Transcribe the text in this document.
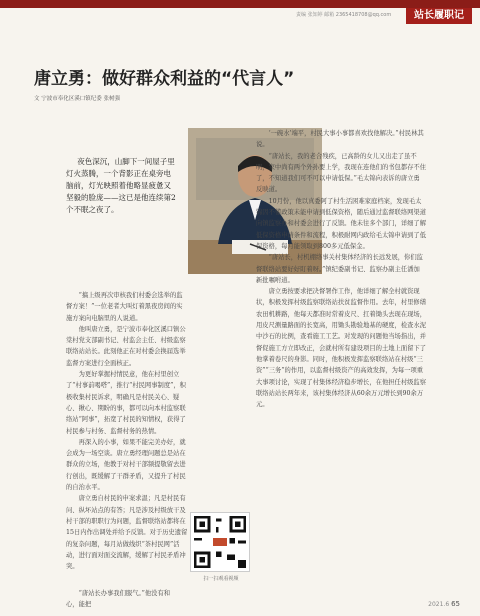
责编 张知婷 邮箱 2365418708@qq.com	站长履职记
唐立勇：做好群众利益的“代言人”
文 宁波市奉化区溪口镇纪委 张树强

夜色深沉，山脚下一间屋子里灯火蒸腾，一个背影正在桌旁电脑前，灯光映照着他略显疲惫又坚毅的脸庞——这已是他连续第2个不眠之夜了。

“搞上级再次审核我们村委会选举的监督方案！”一位老者大叫灯着黑夜房间的实施方案向电脑里的人说道。

他叫唐立勇，是宁波市奉化区溪口镇公棠村党支部副书记、村监会主任、村级监察联络站站长。此刻他正在对村委会换届选举监督方案进行全面核正。

为更好掌握村情民意，他在村里创立了“村事前喝嗒”，推行“村民网事制度”，积极收集村民诉求，明确凡是村民关心、疑心、揪心、期盼的事，都可以向本村监察联络站“阿事”，拓宽了村民的知情权，获得了村民参与村务、监督村务的热情。

再深入的小事，如果不能完美办好，就会成为一场空谈。唐立勇经理问题总是站在群众的立场，他教于对村干部频提敬留去进行创出，既缓解了干群矛盾，又提升了村民的自治水平。

唐立勇自村民的申案求温；凡是村民有问、纵坏站点的有答；凡是涉及村级放干及村干部的职职行为问题，监督联络站都将在15日内作出调处并给予反馈。对于历史遗留的复杂问题，每月站做线织“茶村民网”活动，进行面对面交流解，缓解了村民矛盾冲突。

“唐站长办事我们服气。”他没有和心，能把

‘一碗水’端平，村民大事小事都喜欢找他解决。”村民林其说。

“唐站长，我的老合残疾，已高龄的女儿又出走了虽不明，家中尚有两个外孙要上学，我现在连他们的书包都存不住了，不知道我们可不可以申请低保。”毛太锦向表诉的唐立勇反映道。

10月份，他以真委阿了村生活困难家庭档案，发现毛太锦因不懂政策未能申请到低保资格，随后通过监督联络网渠道向镇监察办和村委会进行了反馈。他未往多个部门，详细了解低保资格申请条件和流程，积极耐网内政给毛太锦申请到了低保资格，每月能领取到800多元低保金。

“唐站长，村机棚络事关村集体经济的长远发展，你们监督联络站要好好盯着呀。”镇纪委副书记、监察办副主任潘加新批嘱咐道。

唐立勇按要求把决督署作工作，他详细了解全村就资现状，积极发挥村级监察联络站扶贫监督作用。去年，村里修缮农田机耕路，他每天都准时常着皮尺、扛着锄头去现在现场，用皮尺测量路面的长宽高，用锄头勘验地基的硬度，检查水泥中沙石的比例，查看施工工艺。对发现的问题他当场指出，并督促施工方立即改正，会就村所有建设项目的土地上面留下了他掌着卷尺的身影。同时，他积极发挥监察联络站在村级“三资”“三务”的作用，以监督村级资产的高效发挥，为每一项重大事项讨论，实现了村集体经济稳步增长，在他担任村级监察联络站站长两年来，该村集体经济从60余万元增长到90余万元。

扫一扫观看视频
2021.6 65
